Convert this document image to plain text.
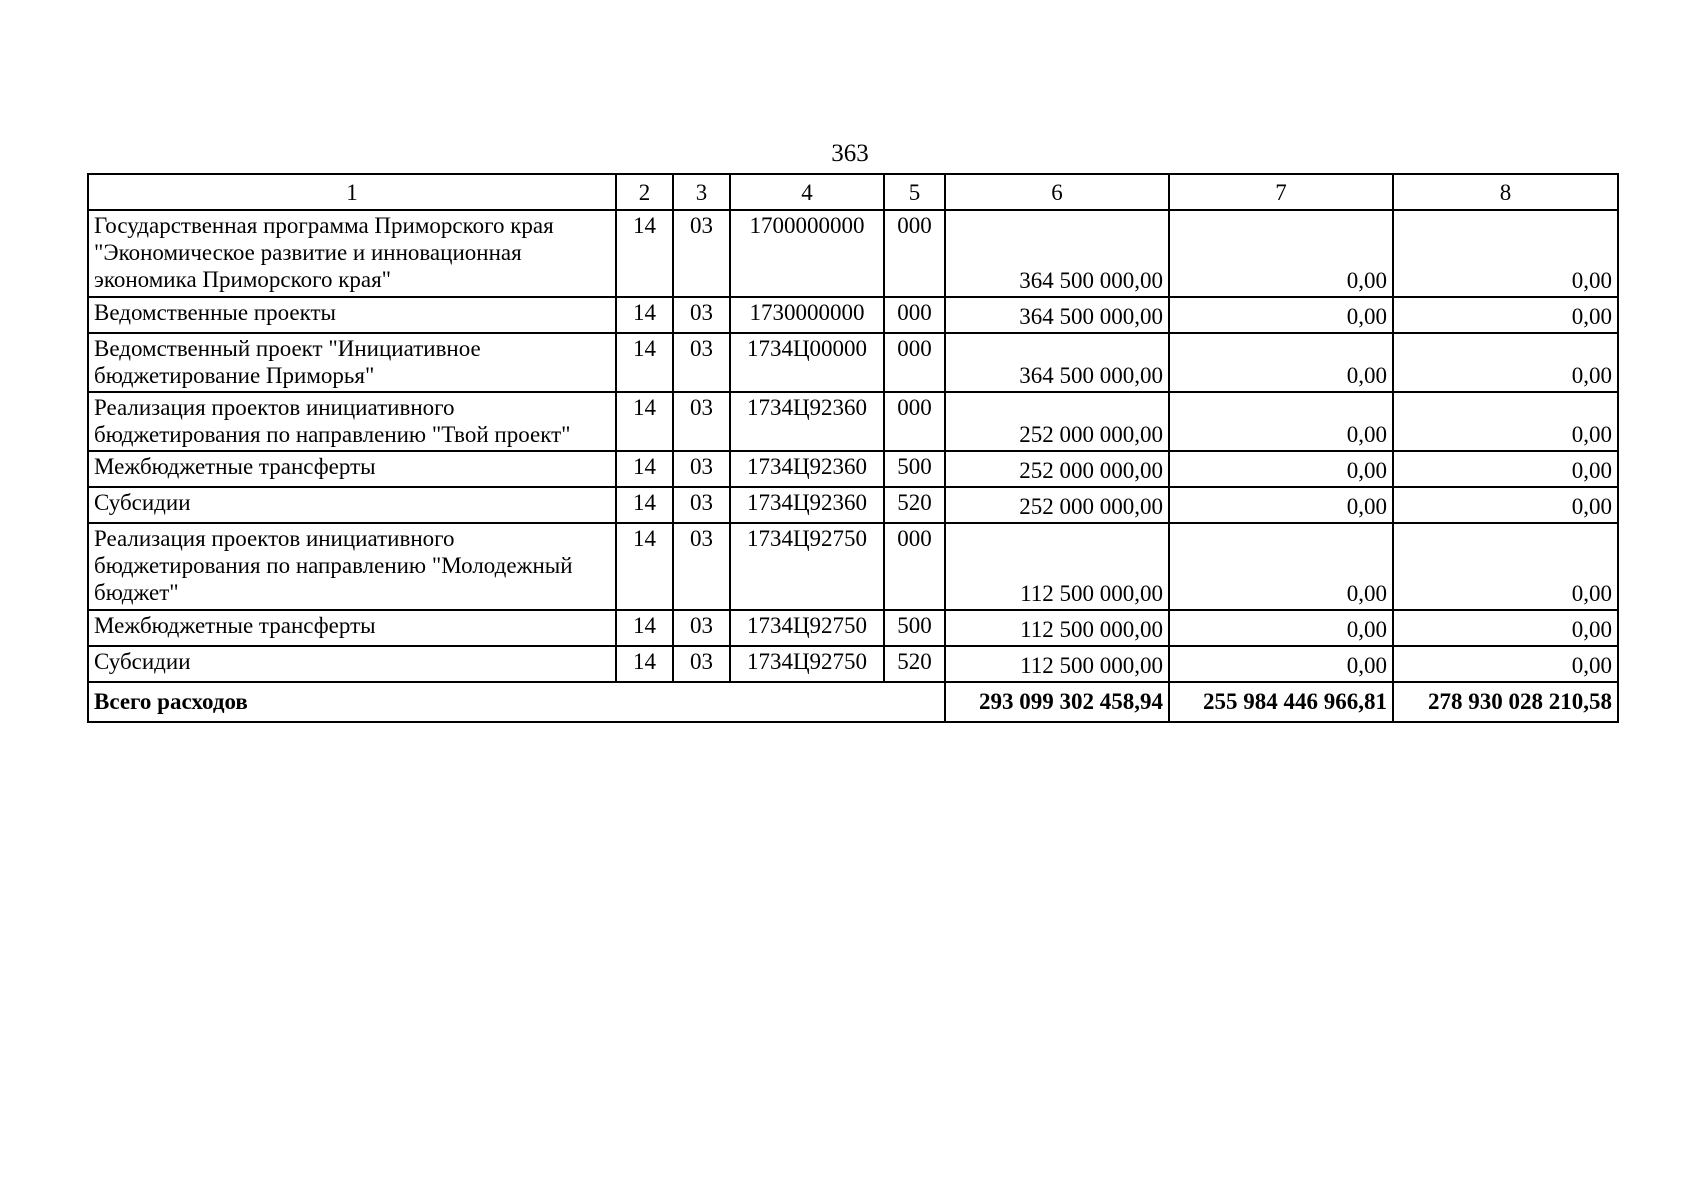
363
1	2	3	4	5	6	7	8
Государственная программа Приморского края "Экономическое развитие и инновационная экономика Приморского края"	14	03	1700000000	000	364 500 000,00	0,00	0,00
Ведомственные проекты	14	03	1730000000	000	364 500 000,00	0,00	0,00
Ведомственный проект "Инициативное бюджетирование Приморья"	14	03	1734Ц00000	000	364 500 000,00	0,00	0,00
Реализация проектов инициативного бюджетирования по направлению "Твой проект"	14	03	1734Ц92360	000	252 000 000,00	0,00	0,00
Межбюджетные трансферты	14	03	1734Ц92360	500	252 000 000,00	0,00	0,00
Субсидии	14	03	1734Ц92360	520	252 000 000,00	0,00	0,00
Реализация проектов инициативного бюджетирования по направлению "Молодежный бюджет"	14	03	1734Ц92750	000	112 500 000,00	0,00	0,00
Межбюджетные трансферты	14	03	1734Ц92750	500	112 500 000,00	0,00	0,00
Субсидии	14	03	1734Ц92750	520	112 500 000,00	0,00	0,00
Всего расходов					293 099 302 458,94	255 984 446 966,81	278 930 028 210,58
